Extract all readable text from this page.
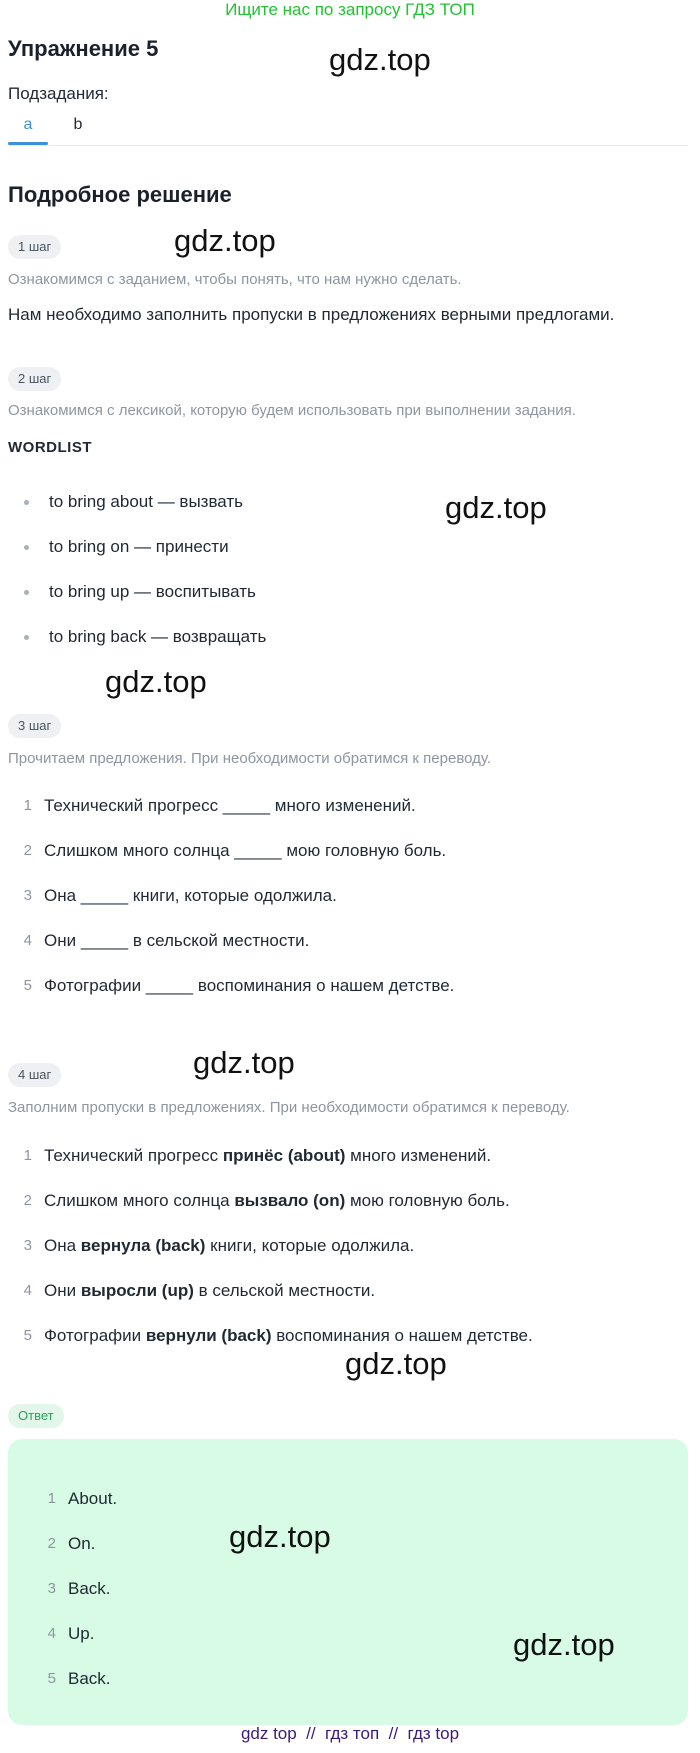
Ищите нас по запросу ГДЗ ТОП
Упражнение 5
Подзадания:
a	b
Подробное решение
1 шаг
Ознакомимся с заданием, чтобы понять, что нам нужно сделать.
Нам необходимо заполнить пропуски в предложениях верными предлогами.
2 шаг
Ознакомимся с лексикой, которую будем использовать при выполнении задания.
WORDLIST
to bring about — вызвать
to bring on — принести
to bring up — воспитывать
to bring back — возвращать
3 шаг
Прочитаем предложения. При необходимости обратимся к переводу.
1 Технический прогресс _____ много изменений.
2 Слишком много солнца _____ мою головную боль.
3 Она _____ книги, которые одолжила.
4 Они _____ в сельской местности.
5 Фотографии _____ воспоминания о нашем детстве.
4 шаг
Заполним пропуски в предложениях. При необходимости обратимся к переводу.
1 Технический прогресс принёс (about) много изменений.
2 Слишком много солнца вызвало (on) мою головную боль.
3 Она вернула (back) книги, которые одолжила.
4 Они выросли (up) в сельской местности.
5 Фотографии вернули (back) воспоминания о нашем детстве.
Ответ
1 About.
2 On.
3 Back.
4 Up.
5 Back.
gdz.top
gdz.top
gdz.top
gdz.top
gdz.top
gdz.top
gdz.top
gdz.top
gdz top  //  гдз топ  //  гдз top
